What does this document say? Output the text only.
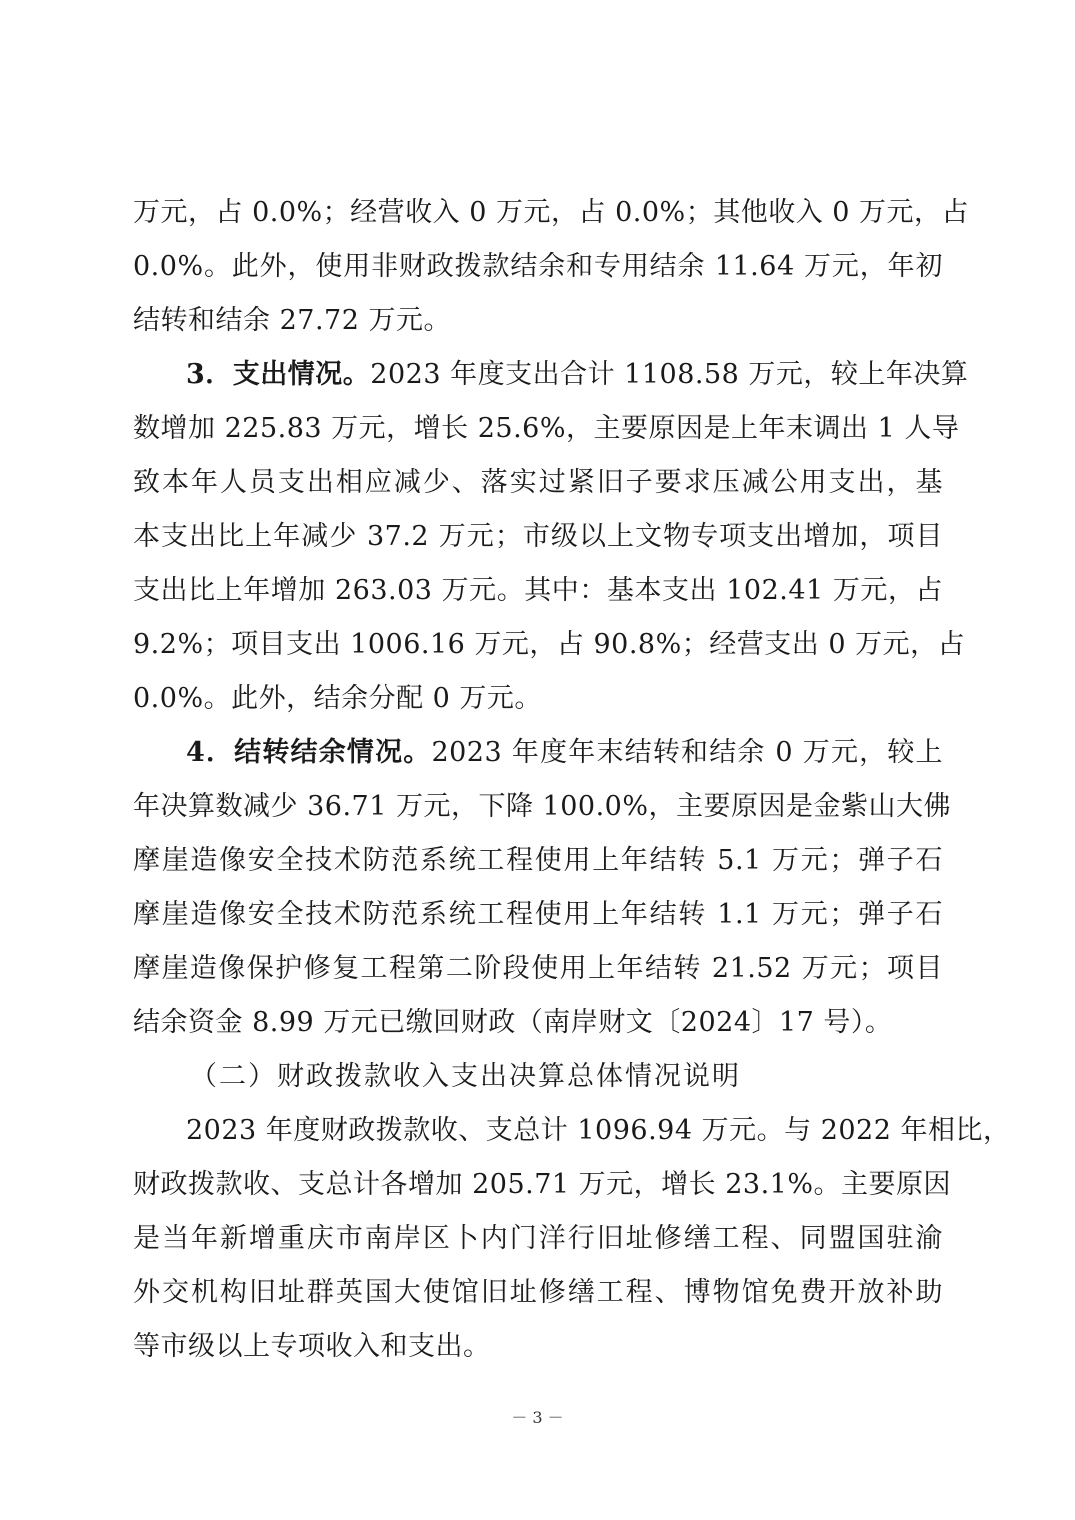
万元，占 0.0%；经营收入 0 万元，占 0.0%；其他收入 0 万元，占
0.0%。此外，使用非财政拨款结余和专用结余 11.64 万元，年初
结转和结余 27.72 万元。
3．支出情况。2023 年度支出合计 1108.58 万元，较上年决算
数增加 225.83 万元，增长 25.6%，主要原因是上年末调出 1 人导
致本年人员支出相应减少、落实过紧旧子要求压减公用支出，基
本支出比上年减少 37.2 万元；市级以上文物专项支出增加，项目
支出比上年增加 263.03 万元。其中：基本支出 102.41 万元，占
9.2%；项目支出 1006.16 万元，占 90.8%；经营支出 0 万元，占
0.0%。此外，结余分配 0 万元。
4．结转结余情况。2023 年度年末结转和结余 0 万元，较上
年决算数减少 36.71 万元，下降 100.0%，主要原因是金紫山大佛
摩崖造像安全技术防范系统工程使用上年结转 5.1 万元；弹子石
摩崖造像安全技术防范系统工程使用上年结转 1.1 万元；弹子石
摩崖造像保护修复工程第二阶段使用上年结转 21.52 万元；项目
结余资金 8.99 万元已缴回财政（南岸财文〔2024〕17 号）。
（二）财政拨款收入支出决算总体情况说明
2023 年度财政拨款收、支总计 1096.94 万元。与 2022 年相比，
财政拨款收、支总计各增加 205.71 万元，增长 23.1%。主要原因
是当年新增重庆市南岸区卜内门洋行旧址修缮工程、同盟国驻渝
外交机构旧址群英国大使馆旧址修缮工程、博物馆免费开放补助
等市级以上专项收入和支出。
－ 3 －
